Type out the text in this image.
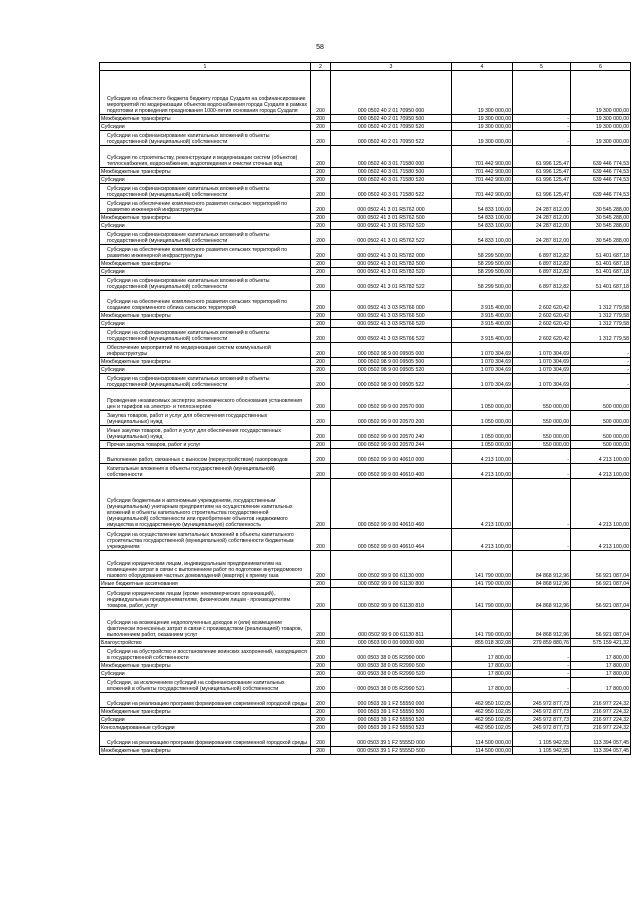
58
1	2	3	4	5	6
Субсидия из областного бюджета бюджету города Суздаля на софинансирование мероприятий по модернизации объектов водоснабжения города Суздаля в рамках подготовки и проведения празднования 1000-летия основания города Суздаля	200	000 0502 40 2 01 70950 000	19 300 000,00		19 300 000,00
Межбюджетные трансферты	200	000 0502 40 2 01 70950 500	19 300 000,00	-	19 300 000,00
Субсидии	200	000 0502 40 2 01 70950 520	19 300 000,00	-	19 300 000,00
Субсидии на софинансирование капитальных вложений в объекты государственной (муниципальной) собственности	200	000 0502 40 2 01 70950 522	19 300 000,00	-	19 300 000,00
Субсидия по строительству, реконструкции и модернизации систем (объектов) теплоснабжения, водоснабжения, водоотведения и очистки сточных вод	200	000 0502 40 3 01 71580 000	701 442 900,00	61 996 125,47	639 446 774,53
Межбюджетные трансферты	200	000 0502 40 3 01 71580 500	701 442 900,00	61 996 125,47	639 446 774,53
Субсидии	200	000 0502 40 3 01 71580 520	701 442 900,00	61 996 125,47	639 446 774,53
Субсидии на софинансирование капитальных вложений в объекты государственной (муниципальной) собственности	200	000 0502 40 3 01 71580 522	701 442 900,00	61 996 125,47	639 446 774,53
Субсидии на обеспечение комплексного развития сельских территорий по развитию инженерной инфраструктуры	200	000 0502 41 3 01 R5762 000	54 833 100,00	24 287 812,00	30 545 288,00
Межбюджетные трансферты	200	000 0502 41 3 01 R5762 500	54 833 100,00	24 287 812,00	30 545 288,00
Субсидии	200	000 0502 41 3 01 R5762 520	54 833 100,00	24 287 812,00	30 545 288,00
Субсидии на софинансирование капитальных вложений в объекты государственной (муниципальной) собственности	200	000 0502 41 3 01 R5762 522	54 833 100,00	24 287 812,00	30 545 288,00
Субсидии на обеспечение комплексного развития сельских территорий по развитию инженерной инфраструктуры	200	000 0502 41 3 01 R5782 000	58 299 500,00	6 897 812,82	51 401 687,18
Межбюджетные трансферты	200	000 0502 41 3 01 R5782 500	58 299 500,00	6 897 812,82	51 401 687,18
Субсидии	200	000 0502 41 3 01 R5782 520	58 299 500,00	6 897 812,82	51 401 687,18
Субсидии на софинансирование капитальных вложений в объекты государственной (муниципальной) собственности	200	000 0502 41 3 01 R5782 522	58 299 500,00	6 897 812,82	51 401 687,18
Субсидии на обеспечение комплексного развития сельских территорий по созданию современного облика сельских территорий	200	000 0502 41 3 03 R5766 000	3 915 400,00	2 602 620,42	1 312 779,58
Межбюджетные трансферты	200	000 0502 41 3 03 R5766 500	3 915 400,00	2 602 620,42	1 312 779,58
Субсидии	200	000 0502 41 3 03 R5766 520	3 915 400,00	2 602 620,42	1 312 779,58
Субсидии на софинансирование капитальных вложений в объекты государственной (муниципальной) собственности	200	000 0502 41 3 03 R5766 522	3 915 400,00	2 602 620,42	1 312 779,58
Обеспечение мероприятий по модернизации систем коммунальной инфраструктуры	200	000 0502 98 9 00 09505 000	1 070 304,69	1 070 304,69	-
Межбюджетные трансферты	200	000 0502 98 9 00 09505 500	1 070 304,69	1 070 304,69	-
Субсидии	200	000 0502 98 9 00 09505 520	1 070 304,69	1 070 304,69	-
Субсидии на софинансирование капитальных вложений в объекты государственной (муниципальной) собственности	200	000 0502 98 9 00 09505 522	1 070 304,69	1 070 304,69	-
Проведение независимых экспертиз экономического обоснования установления цен и тарифов на электро- и теплоэнергию	200	000 0502 99 9 00 20570 000	1 050 000,00	550 000,00	500 000,00
Закупка товаров, работ и услуг для обеспечения государственных (муниципальных) нужд	200	000 0502 99 9 00 20570 200	1 050 000,00	550 000,00	500 000,00
Иные закупки товаров, работ и услуг для обеспечения государственных (муниципальных) нужд	200	000 0502 99 9 00 20570 240	1 050 000,00	550 000,00	500 000,00
Прочая закупка товаров, работ и услуг	200	000 0502 99 9 00 20570 244	1 050 000,00	550 000,00	500 000,00
Выполнение работ, связанных с выносом (переустройством) газопроводов	200	000 0502 99 9 00 40610 000	4 213 100,00	-	4 213 100,00
Капитальные вложения в объекты государственной (муниципальной) собственности	200	000 0502 99 9 00 40610 400	4 213 100,00	-	4 213 100,00
Субсидии бюджетным и автономным учреждениям, государственным (муниципальным) унитарным предприятиям на осуществление капитальных вложений в объекты капитального строительства государственной (муниципальной) собственности или приобретение объектов недвижимого имущества в государственную (муниципальную) собственность	200	000 0502 99 9 00 40610 460	4 213 100,00	-	4 213 100,00
Субсидии на осуществление капитальных вложений в объекты капитального строительства государственной (муниципальной) собственности бюджетным учреждениям	200	000 0502 99 9 00 40610 464	4 213 100,00	-	4 213 100,00
Субсидии юридическим лицам, индивидуальным предпринимателям на возмещение затрат в связи с выполнением работ по подготовке внутридомового газового оборудования частных домовладений (квартир) к приему газа	200	000 0502 99 9 00 61130 000	141 790 000,00	84 868 912,96	56 921 087,04
Иные бюджетные ассигнования	200	000 0502 99 9 00 61130 800	141 790 000,00	84 868 912,96	56 921 087,04
Субсидии юридическим лицам (кроме некоммерческих организаций), индивидуальным предпринимателям, физическим лицам - производителям товаров, работ, услуг	200	000 0502 99 9 00 61130 810	141 790 000,00	84 868 912,96	56 921 087,04
Субсидии на возмещение недополученных доходов и (или) возмещение фактически понесенных затрат в связи с производством (реализацией) товаров, выполнением работ, оказанием услуг	200	000 0502 99 9 00 61130 811	141 790 000,00	84 868 912,96	56 921 087,04
Благоустройство	200	000 0503 00 0 00 00000 000	855 018 302,08	279 859 880,76	575 159 421,32
Субсидии на обустройство и восстановление воинских захоронений, находящихся в государственной собственности	200	000 0503 38 0 05 R2990 000	17 800,00	-	17 800,00
Межбюджетные трансферты	200	000 0503 38 0 05 R2990 500	17 800,00	-	17 800,00
Субсидии	200	000 0503 38 0 05 R2990 520	17 800,00	-	17 800,00
Субсидии, за исключением субсидий на софинансирование капитальных вложений в объекты государственной (муниципальной) собственности	200	000 0503 38 0 05 R2990 521	17 800,00	-	17 800,00
Субсидии на реализацию программ формирования современной городской среды	200	000 0503 39 1 F2 55550 000	462 950 102,05	245 972 877,73	216 977 224,32
Межбюджетные трансферты	200	000 0503 39 1 F2 55550 500	462 950 102,05	245 972 877,73	216 977 224,32
Субсидии	200	000 0503 39 1 F2 55550 520	462 950 102,05	245 972 877,73	216 977 224,32
Консолидированные субсидии	200	000 0503 39 1 F2 55550 523	462 950 102,05	245 972 877,73	216 977 224,32
Субсидии на реализацию программ формирования современной городской среды	200	000 0503 39 1 F2 5555D 000	114 500 000,00	1 105 942,55	113 394 057,45
Межбюджетные трансферты	200	000 0503 39 1 F2 5555D 500	114 500 000,00	1 105 942,55	113 394 057,45
